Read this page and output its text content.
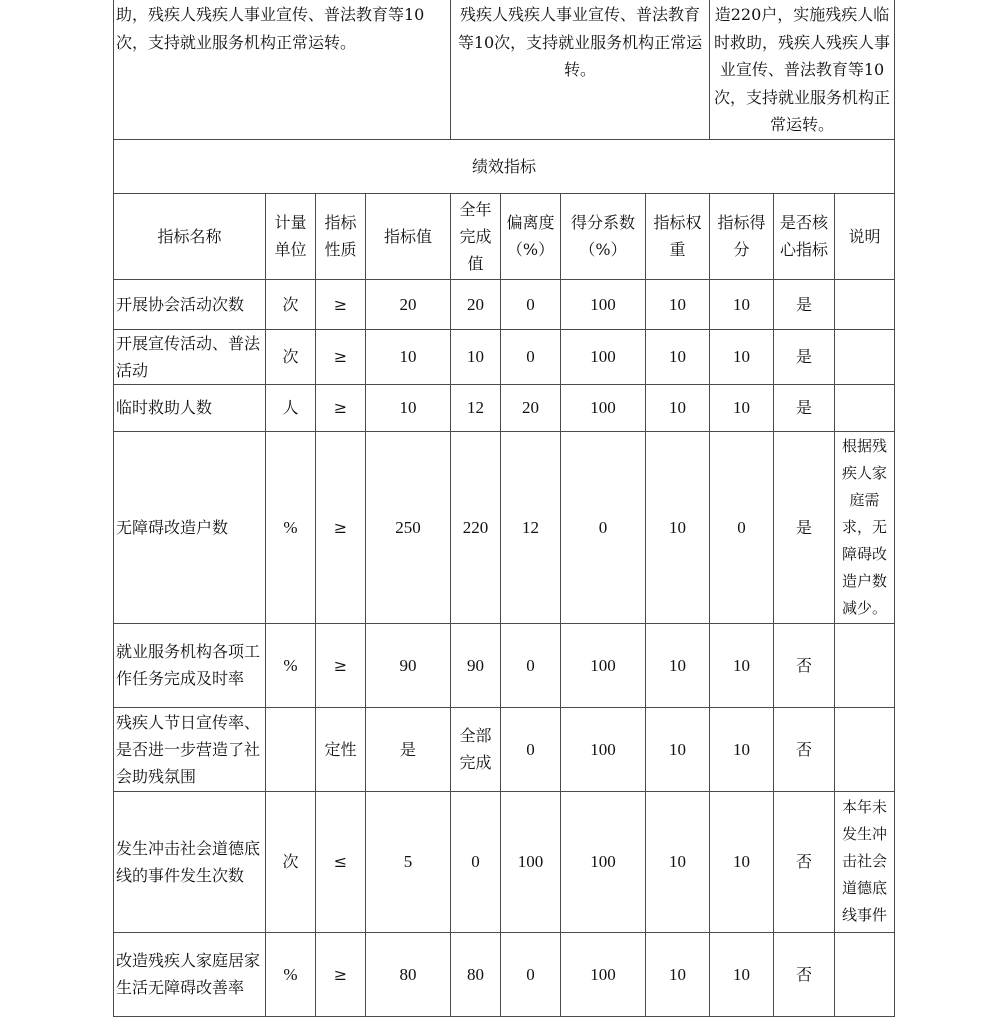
助，残疾人残疾人事业宣传、普法教育等10次，支持就业服务机构正常运转。				残疾人残疾人事业宣传、普法教育等10次，支持就业服务机构正常运转。				造220户，实施残疾人临时救助，残疾人残疾人事业宣传、普法教育等10次，支持就业服务机构正常运转。		
绩效指标										
指标名称	计量单位	指标性质	指标值	全年完成值	偏离度（%）	得分系数（%）	指标权重	指标得分	是否核心指标	说明
开展协会活动次数	次	≥	20	20	0	100	10	10	是	
开展宣传活动、普法活动	次	≥	10	10	0	100	10	10	是	
临时救助人数	人	≥	10	12	20	100	10	10	是	
无障碍改造户数	%	≥	250	220	12	0	10	0	是	根据残疾人家庭需求，无障碍改造户数减少。
就业服务机构各项工作任务完成及时率	%	≥	90	90	0	100	10	10	否	
残疾人节日宣传率、是否进一步营造了社会助残氛围		定性	是	全部完成	0	100	10	10	否	
发生冲击社会道德底线的事件发生次数	次	≤	5	0	100	100	10	10	否	本年未发生冲击社会道德底线事件
改造残疾人家庭居家生活无障碍改善率	%	≥	80	80	0	100	10	10	否	
